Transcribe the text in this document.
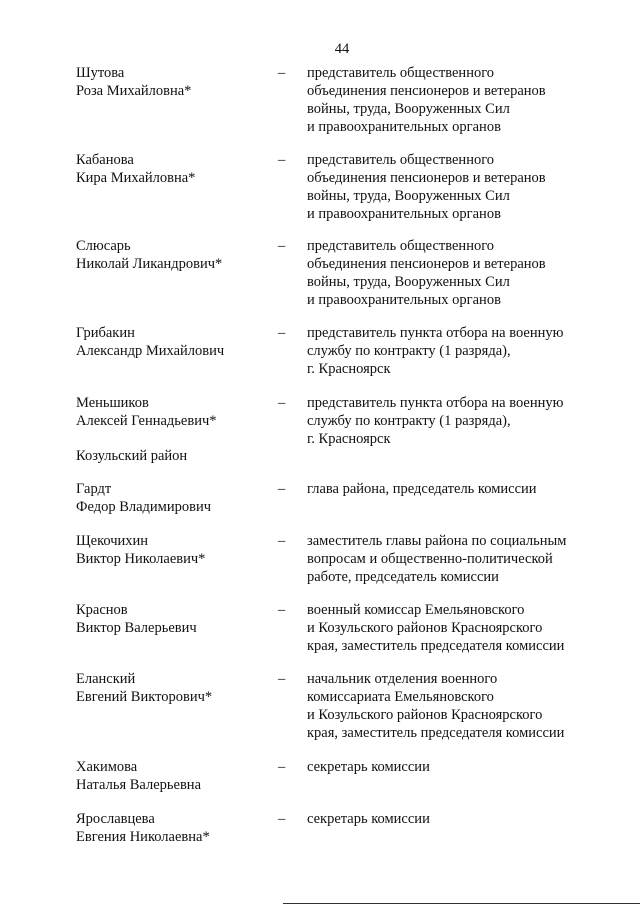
44
Шутова
Роза Михайловна*
– представитель общественного
объединения пенсионеров и ветеранов
войны, труда, Вооруженных Сил
и правоохранительных органов
Кабанова
Кира Михайловна*
– представитель общественного
объединения пенсионеров и ветеранов
войны, труда, Вооруженных Сил
и правоохранительных органов
Слюсарь
Николай Ликандрович*
– представитель общественного
объединения пенсионеров и ветеранов
войны, труда, Вооруженных Сил
и правоохранительных органов
Грибакин
Александр Михайлович
– представитель пункта отбора на военную
службу по контракту (1 разряда),
г. Красноярск
Меньшиков
Алексей Геннадьевич*
– представитель пункта отбора на военную
службу по контракту (1 разряда),
г. Красноярск
Козульский район
Гардт
Федор Владимирович
– глава района, председатель комиссии
Щекочихин
Виктор Николаевич*
– заместитель главы района по социальным
вопросам и общественно-политической
работе, председатель комиссии
Краснов
Виктор Валерьевич
– военный комиссар Емельяновского
и Козульского районов Красноярского
края, заместитель председателя комиссии
Еланский
Евгений Викторович*
– начальник отделения военного
комиссариата Емельяновского
и Козульского районов Красноярского
края, заместитель председателя комиссии
Хакимова
Наталья Валерьевна
– секретарь комиссии
Ярославцева
Евгения Николаевна*
– секретарь комиссии
